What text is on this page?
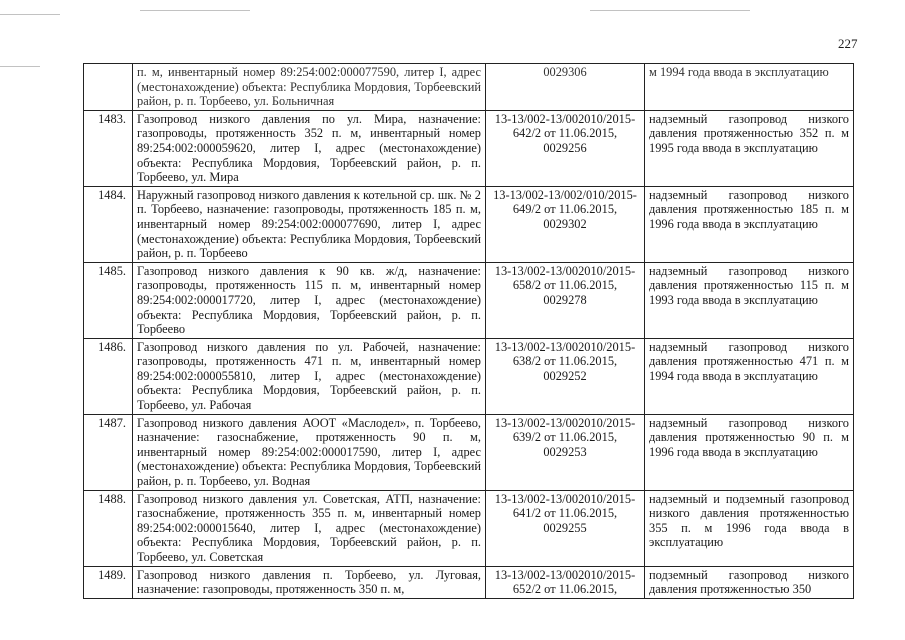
227
	п. м, инвентарный номер 89:254:002:000077590, литер I, адрес (местонахождение) объекта: Республика Мордовия, Торбеевский район, р. п. Торбеево, ул. Больничная	0029306	м 1994 года ввода в эксплуатацию
1483.	Газопровод низкого давления по ул. Мира, назначение: газопроводы, протяженность 352 п. м, инвентарный номер 89:254:002:000059620, литер I, адрес (местонахождение) объекта: Республика Мордовия, Торбеевский район, р. п. Торбеево, ул. Мира	13-13/002-13/002010/2015-642/2 от 11.06.2015, 0029256	надземный газопровод низкого давления протяженностью 352 п. м 1995 года ввода в эксплуатацию
1484.	Наружный газопровод низкого давления к котельной ср. шк. № 2 п. Торбеево, назначение: газопроводы, протяженность 185 п. м, инвентарный номер 89:254:002:000077690, литер I, адрес (местонахождение) объекта: Республика Мордовия, Торбеевский район, р. п. Торбеево	13-13/002-13/002/010/2015-649/2 от 11.06.2015, 0029302	надземный газопровод низкого давления протяженностью 185 п. м 1996 года ввода в эксплуатацию
1485.	Газопровод низкого давления к 90 кв. ж/д, назначение: газопроводы, протяженность 115 п. м, инвентарный номер 89:254:002:000017720, литер I, адрес (местонахождение) объекта: Республика Мордовия, Торбеевский район, р. п. Торбеево	13-13/002-13/002010/2015-658/2 от 11.06.2015, 0029278	надземный газопровод низкого давления протяженностью 115 п. м 1993 года ввода в эксплуатацию
1486.	Газопровод низкого давления по ул. Рабочей, назначение: газопроводы, протяженность 471 п. м, инвентарный номер 89:254:002:000055810, литер I, адрес (местонахождение) объекта: Республика Мордовия, Торбеевский район, р. п. Торбеево, ул. Рабочая	13-13/002-13/002010/2015-638/2 от 11.06.2015, 0029252	надземный газопровод низкого давления протяженностью 471 п. м 1994 года ввода в эксплуатацию
1487.	Газопровод низкого давления АООТ «Маслодел», п. Торбеево, назначение: газоснабжение, протяженность 90 п. м, инвентарный номер 89:254:002:000017590, литер I, адрес (местонахождение) объекта: Республика Мордовия, Торбеевский район, р. п. Торбеево, ул. Водная	13-13/002-13/002010/2015-639/2 от 11.06.2015, 0029253	надземный газопровод низкого давления протяженностью 90 п. м 1996 года ввода в эксплуатацию
1488.	Газопровод низкого давления ул. Советская, АТП, назначение: газоснабжение, протяженность 355 п. м, инвентарный номер 89:254:002:000015640, литер I, адрес (местонахождение) объекта: Республика Мордовия, Торбеевский район, р. п. Торбеево, ул. Советская	13-13/002-13/002010/2015-641/2 от 11.06.2015, 0029255	надземный и подземный газопровод низкого давления протяженностью 355 п. м 1996 года ввода в эксплуатацию
1489.	Газопровод низкого давления п. Торбеево, ул. Луговая, назначение: газопроводы, протяженность 350 п. м,	13-13/002-13/002010/2015-652/2 от 11.06.2015,	подземный газопровод низкого давления протяженностью 350
